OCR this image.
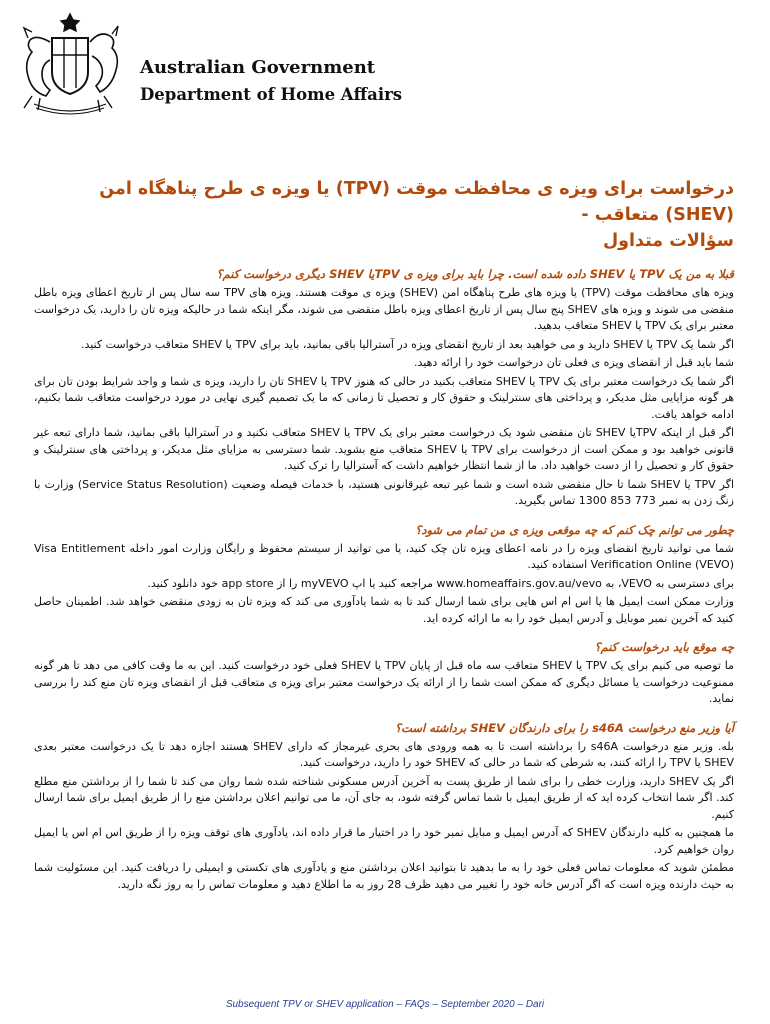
Australian Government
Department of Home Affairs
درخواست برای ویزه ی محافظت موقت (TPV) یا ویزه ی طرح پناهگاه امن (SHEV) متعاقب -
سؤالات متداول
قبلا به من یک TPV یا SHEV داده شده است. چرا باید برای ویزه ی TPVیا SHEV دیگری درخواست کنم؟

ویزه های محافظت موقت (TPV) یا ویزه های طرح پناهگاه امن (SHEV) ویزه ی موقت هستند. ویزه های TPV سه سال پس از تاریخ اعطای ویزه باطل منقضی می شوند و ویزه های SHEV پنج سال پس از تاریخ اعطای ویزه باطل منقضی می شوند، مگر اینکه شما در حالیکه ویزه تان را دارید، یک درخواست معتبر برای یک TPV یا SHEV متعاقب بدهید.

اگر شما یک TPV یا SHEV دارید و می خواهید بعد از تاریخ انقضای ویزه در آسترالیا باقی بمانید، باید برای TPV یا SHEV متعاقب درخواست کنید.

شما باید قبل از انقضای ویزه ی فعلی تان درخواست خود را ارائه دهید.

اگر شما یک درخواست معتبر برای یک TPV یا SHEV متعاقب بکنید در حالی که هنوز TPV یا SHEV تان را دارید، ویزه ی شما و واجد شرایط بودن تان برای هر گونه مزایایی مثل مدیکر، و پرداختی های سنترلینک و حقوق کار و تحصیل تا زمانی که ما یک تصمیم گیری نهایی در مورد درخواست متعاقب شما بکنیم، ادامه خواهد یافت.

اگر قبل از اینکه TPVیا SHEV تان منقضی شود یک درخواست معتبر برای یک TPV یا SHEV متعاقب نکنید و در آسترالیا باقی بمانید، شما دارای تبعه غیر قانونی خواهید بود و ممکن است از درخواست برای TPV یا SHEV متعاقب منع بشوید. شما دسترسی به مزایای مثل مدیکر، و پرداختی های سنترلینک و حقوق کار و تحصیل را از دست خواهید داد. ما از شما انتظار خواهیم داشت که آسترالیا را ترک کنید.

اگر TPV یا SHEV شما تا حال منقضی شده است و شما غیر تبعه غیرقانونی هستید، با خدمات فیصله وضعیت (Service Status Resolution) وزارت با زنگ زدن به نمبر 773 853 1300 تماس بگیرید.

چطور می توانم چک کنم که چه موقعی ویزه ی من تمام می شود؟

شما می توانید تاریخ انقضای ویزه را در نامه اعطای ویزه تان چک کنید، یا می توانید از سیستم محفوظ و رایگان وزارت امور داخله Visa Entitlement Verification Online (VEVO) استفاده کنید.

برای دسترسی به VEVO، به www.homeaffairs.gov.au/vevo مراجعه کنید یا اپ myVEVO را از app store خود دانلود کنید.

وزارت ممکن است ایمیل ها یا اس ام اس هایی برای شما ارسال کند تا به شما یادآوری می کند که ویزه تان به زودی منقضی خواهد شد. اطمینان حاصل کنید که آخرین نمبر موبایل و آدرس ایمیل خود را به ما ارائه کرده اید.

چه موقع باید درخواست کنم؟

ما توصیه می کنیم برای یک TPV یا SHEV متعاقب سه ماه قبل از پایان TPV یا SHEV فعلی خود درخواست کنید. این به ما وقت کافی می دهد تا هر گونه ممنوعیت درخواست یا مسائل دیگری که ممکن است شما را از ارائه یک درخواست معتبر برای ویزه ی متعاقب قبل از انقضای ویزه تان منع کند را بررسی نماید.

آیا وزیر منع درخواست s46A را برای دارندگان SHEV برداشته است؟

بله. وزیر منع درخواست s46A را برداشته است تا به همه ورودی های بحری غیرمجاز که دارای SHEV هستند اجازه دهد تا یک درخواست معتبر بعدی SHEV یا TPV را ارائه کنند، به شرطی که شما در حالی که SHEV خود را دارید، درخواست کنید.

اگر یک SHEV دارید، وزارت خطی را برای شما از طریق پست به آخرین آدرس مسکونی شناخته شده شما روان می کند تا شما را از برداشتن منع مطلع کند. اگر شما انتخاب کرده اید که از طریق ایمیل با شما تماس گرفته شود، به جای آن، ما می توانیم اعلان برداشتن منع را از طریق ایمیل برای شما ارسال کنیم.

ما همچنین به کلیه دارندگان SHEV که آدرس ایمیل و مبایل نمبر خود را در اختیار ما قرار داده اند، یادآوری های توقف ویزه را از طریق اس ام اس یا ایمیل روان خواهیم کرد.

مطمئن شوید که معلومات تماس فعلی خود را به ما بدهید تا بتوانید اعلان برداشتن منع و یادآوری های تکستی و ایمیلی را دریافت کنید. این مسئولیت شما به حیث دارنده ویزه است که اگر آدرس خانه خود را تغییر می دهید ظرف 28 روز به ما اطلاع دهید و معلومات تماس را به روز نگه دارید.

Subsequent TPV or SHEV application – FAQs – September 2020 – Dari
